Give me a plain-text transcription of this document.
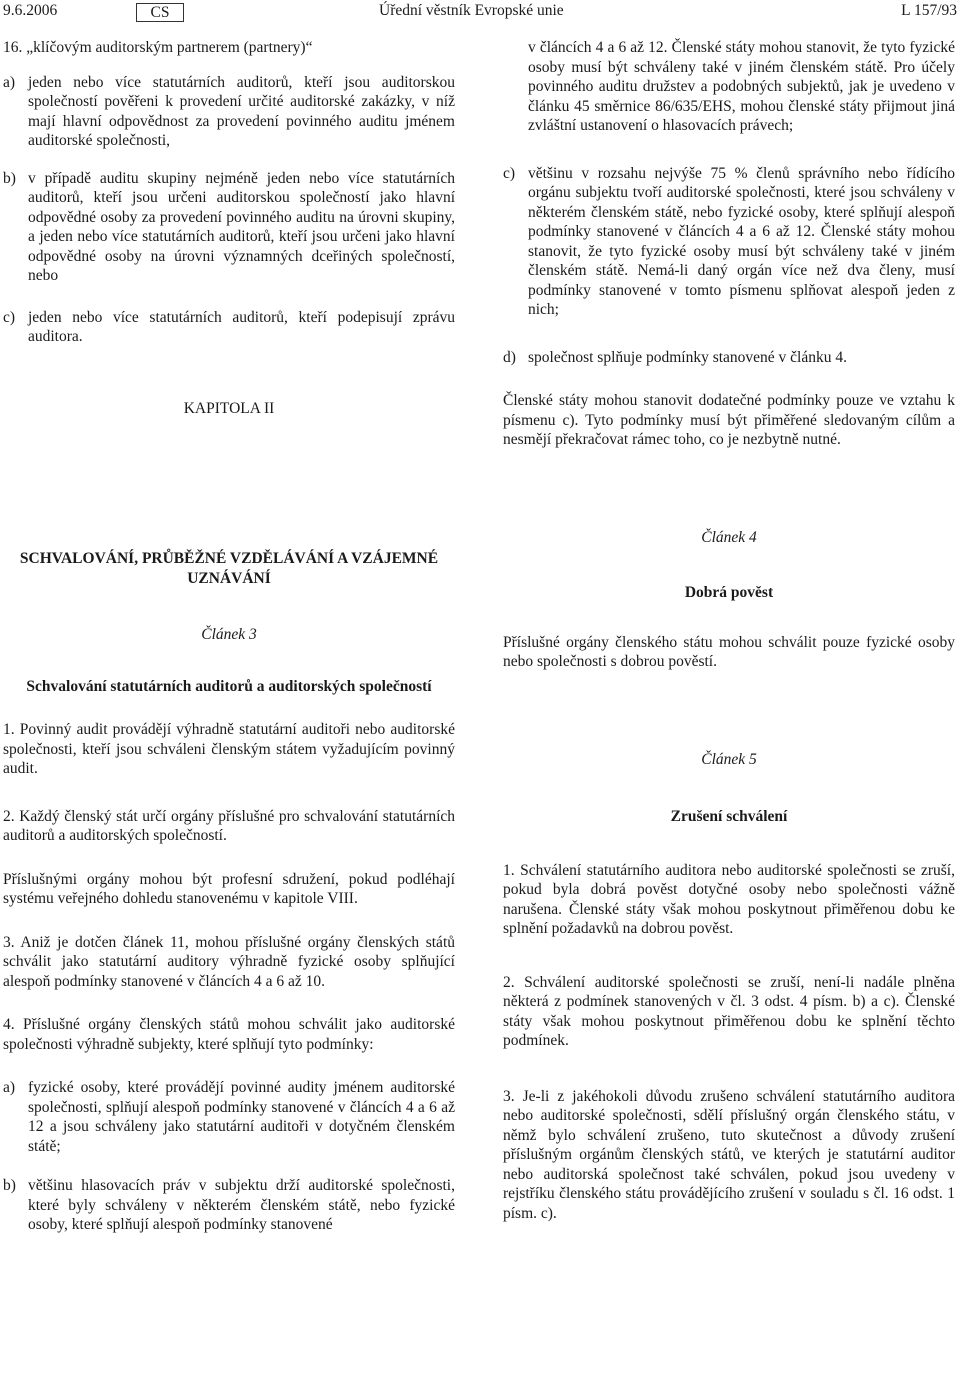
9.6.2006	CS	Úřední věstník Evropské unie	L 157/93

16. „klíčovým auditorským partnerem (partnery)“

a) jeden nebo více statutárních auditorů, kteří jsou auditorskou společností pověřeni k provedení určité auditorské zakázky, v níž mají hlavní odpovědnost za provedení povinného auditu jménem auditorské společnosti,
b) v případě auditu skupiny nejméně jeden nebo více statutárních auditorů, kteří jsou určeni auditorskou společností jako hlavní odpovědné osoby za provedení povinného auditu na úrovni skupiny, a jeden nebo více statutárních auditorů, kteří jsou určeni jako hlavní odpovědné osoby na úrovni významných dceřiných společností, nebo
c) jeden nebo více statutárních auditorů, kteří podepisují zprávu auditora.

KAPITOLA II

SCHVALOVÁNÍ, PRŮBĚŽNÉ VZDĚLÁVÁNÍ A VZÁJEMNÉ UZNÁVÁNÍ

Článek 3

Schvalování statutárních auditorů a auditorských společností

1. Povinný audit provádějí výhradně statutární auditoři nebo auditorské společnosti, kteří jsou schváleni členským státem vyžadujícím povinný audit.

2. Každý členský stát určí orgány příslušné pro schvalování statutárních auditorů a auditorských společností.

Příslušnými orgány mohou být profesní sdružení, pokud podléhají systému veřejného dohledu stanovenému v kapitole VIII.

3. Aniž je dotčen článek 11, mohou příslušné orgány členských států schválit jako statutární auditory výhradně fyzické osoby splňující alespoň podmínky stanovené v článcích 4 a 6 až 10.

4. Příslušné orgány členských států mohou schválit jako auditorské společnosti výhradně subjekty, které splňují tyto podmínky:

a) fyzické osoby, které provádějí povinné audity jménem auditorské společnosti, splňují alespoň podmínky stanovené v článcích 4 a 6 až 12 a jsou schváleny jako statutární auditoři v dotyčném členském státě;
b) většinu hlasovacích práv v subjektu drží auditorské společnosti, které byly schváleny v některém členském státě, nebo fyzické osoby, které splňují alespoň podmínky stanovené

v článcích 4 a 6 až 12. Členské státy mohou stanovit, že tyto fyzické osoby musí být schváleny také v jiném členském státě. Pro účely povinného auditu družstev a podobných subjektů, jak je uvedeno v článku 45 směrnice 86/635/EHS, mohou členské státy přijmout jiná zvláštní ustanovení o hlasovacích právech;

c) většinu v rozsahu nejvýše 75 % členů správního nebo řídícího orgánu subjektu tvoří auditorské společnosti, které jsou schváleny v některém členském státě, nebo fyzické osoby, které splňují alespoň podmínky stanovené v článcích 4 a 6 až 12. Členské státy mohou stanovit, že tyto fyzické osoby musí být schváleny také v jiném členském státě. Nemá-li daný orgán více než dva členy, musí podmínky stanovené v tomto písmenu splňovat alespoň jeden z nich;
d) společnost splňuje podmínky stanovené v článku 4.

Členské státy mohou stanovit dodatečné podmínky pouze ve vztahu k písmenu c). Tyto podmínky musí být přiměřené sledovaným cílům a nesmějí překračovat rámec toho, co je nezbytně nutné.

Článek 4

Dobrá pověst

Příslušné orgány členského státu mohou schválit pouze fyzické osoby nebo společnosti s dobrou pověstí.

Článek 5

Zrušení schválení

1. Schválení statutárního auditora nebo auditorské společnosti se zruší, pokud byla dobrá pověst dotyčné osoby nebo společnosti vážně narušena. Členské státy však mohou poskytnout přiměřenou dobu ke splnění požadavků na dobrou pověst.

2. Schválení auditorské společnosti se zruší, není-li nadále plněna některá z podmínek stanovených v čl. 3 odst. 4 písm. b) a c). Členské státy však mohou poskytnout přiměřenou dobu ke splnění těchto podmínek.

3. Je-li z jakéhokoli důvodu zrušeno schválení statutárního auditora nebo auditorské společnosti, sdělí příslušný orgán členského státu, v němž bylo schválení zrušeno, tuto skutečnost a důvody zrušení příslušným orgánům členských států, ve kterých je statutární auditor nebo auditorská společnost také schválen, pokud jsou uvedeny v rejstříku členského státu provádějícího zrušení v souladu s čl. 16 odst. 1 písm. c).
